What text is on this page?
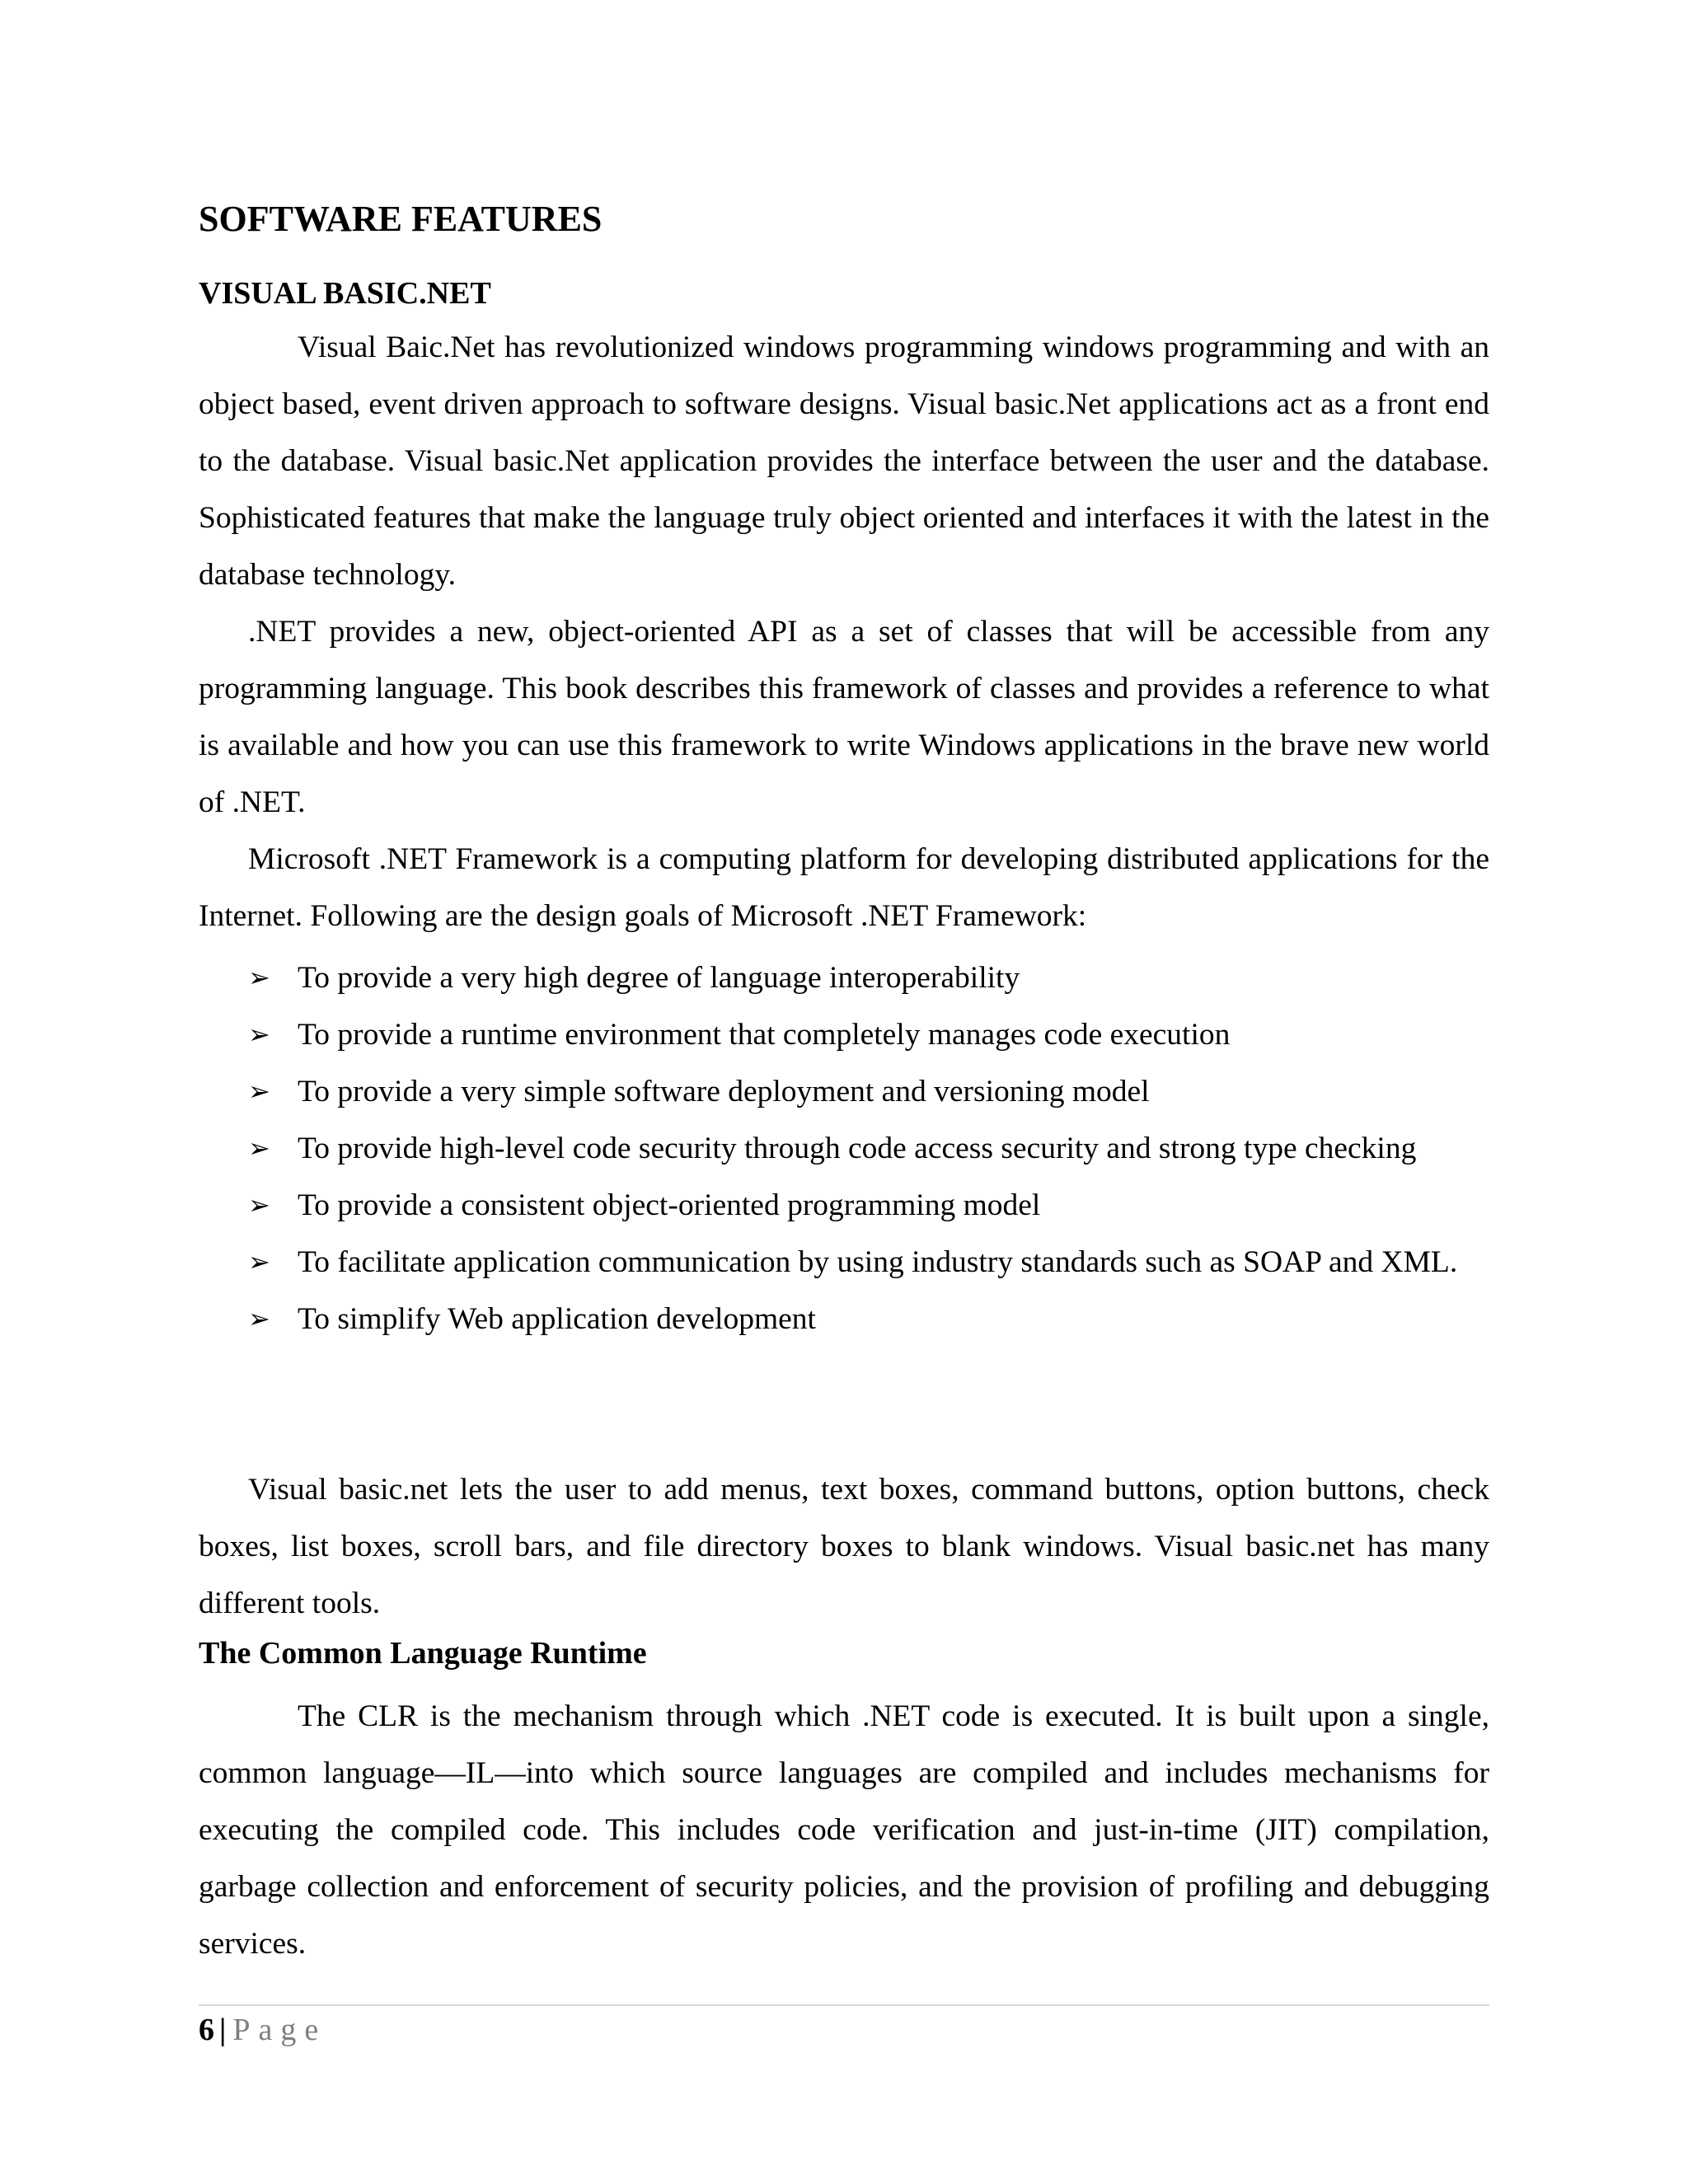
SOFTWARE FEATURES
VISUAL BASIC.NET

Visual Baic.Net has revolutionized windows programming windows programming and with an object based, event driven approach to software designs. Visual basic.Net applications act as a front end to the database. Visual basic.Net application provides the interface between the user and the database. Sophisticated features that make the language truly object oriented and interfaces it with the latest in the database technology.

.NET provides a new, object-oriented API as a set of classes that will be accessible from any programming language. This book describes this framework of classes and provides a reference to what is available and how you can use this framework to write Windows applications in the brave new world of .NET.

Microsoft .NET Framework is a computing platform for developing distributed applications for the Internet. Following are the design goals of Microsoft .NET Framework:

➢ To provide a very high degree of language interoperability
➢ To provide a runtime environment that completely manages code execution
➢ To provide a very simple software deployment and versioning model
➢ To provide high-level code security through code access security and strong type checking
➢ To provide a consistent object-oriented programming model
➢ To facilitate application communication by using industry standards such as SOAP and XML.
➢ To simplify Web application development

Visual basic.net lets the user to add menus, text boxes, command buttons, option buttons, check boxes, list boxes, scroll bars, and file directory boxes to blank windows. Visual basic.net has many different tools.

The Common Language Runtime

The CLR is the mechanism through which .NET code is executed. It is built upon a single, common language—IL—into which source languages are compiled and includes mechanisms for executing the compiled code. This includes code verification and just-in-time (JIT) compilation, garbage collection and enforcement of security policies, and the provision of profiling and debugging services.

6 | Page
